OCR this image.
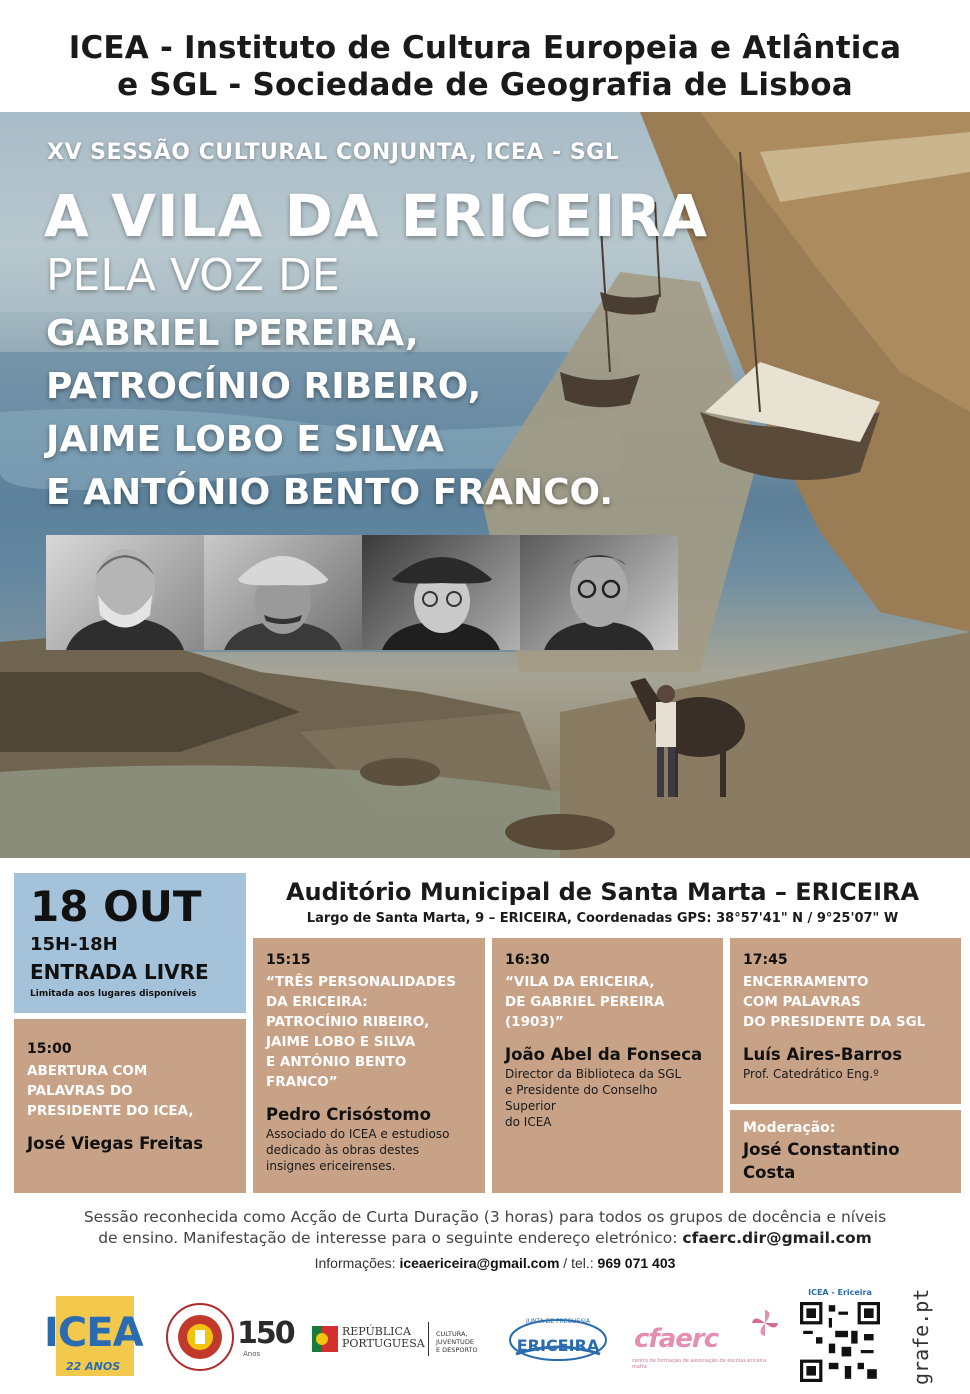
ICEA - Instituto de Cultura Europeia e Atlântica
e SGL - Sociedade de Geografia de Lisboa
XV SESSÃO CULTURAL CONJUNTA, ICEA - SGL
A VILA DA ERICEIRA
PELA VOZ DE
GABRIEL PEREIRA,
PATROCÍNIO RIBEIRO,
JAIME LOBO E SILVA
E ANTÓNIO BENTO FRANCO.
18 OUT
15H-18H
ENTRADA LIVRE
Limitada aos lugares disponíveis
Auditório Municipal de Santa Marta – ERICEIRA
Largo de Santa Marta, 9 – ERICEIRA, Coordenadas GPS: 38°57'41" N / 9°25'07" W
15:00
ABERTURA COM
PALAVRAS DO
PRESIDENTE DO ICEA,
José Viegas Freitas
15:15
“TRÊS PERSONALIDADES
DA ERICEIRA:
PATROCÍNIO RIBEIRO,
JAIME LOBO E SILVA
E ANTÓNIO BENTO
FRANCO”
Pedro Crisóstomo
Associado do ICEA e estudioso
dedicado às obras destes
insignes ericeirenses.
16:30
“VILA DA ERICEIRA,
DE GABRIEL PEREIRA
(1903)”
João Abel da Fonseca
Director da Biblioteca da SGL
e Presidente do Conselho Superior
do ICEA
17:45
ENCERRAMENTO
COM PALAVRAS
DO PRESIDENTE DA SGL
Luís Aires-Barros
Prof. Catedrático Eng.º
Moderação:
José Constantino
Costa
Sessão reconhecida como Acção de Curta Duração (3 horas) para todos os grupos de docência e níveis
de ensino. Manifestação de interesse para o seguinte endereço eletrónico: cfaerc.dir@gmail.com
Informações: iceaericeira@gmail.com / tel.: 969 071 403
ICEA
22 ANOS
150
Anos
REPÚBLICA
PORTUGUESA
CULTURA, JUVENTUDE
E DESPORTO
JUNTA DE FREGUESIA
ERICEIRA cfaerc
centro de formação de associação de escolas ericeira mafra
ICEA - Ericeira	grafe.pt
